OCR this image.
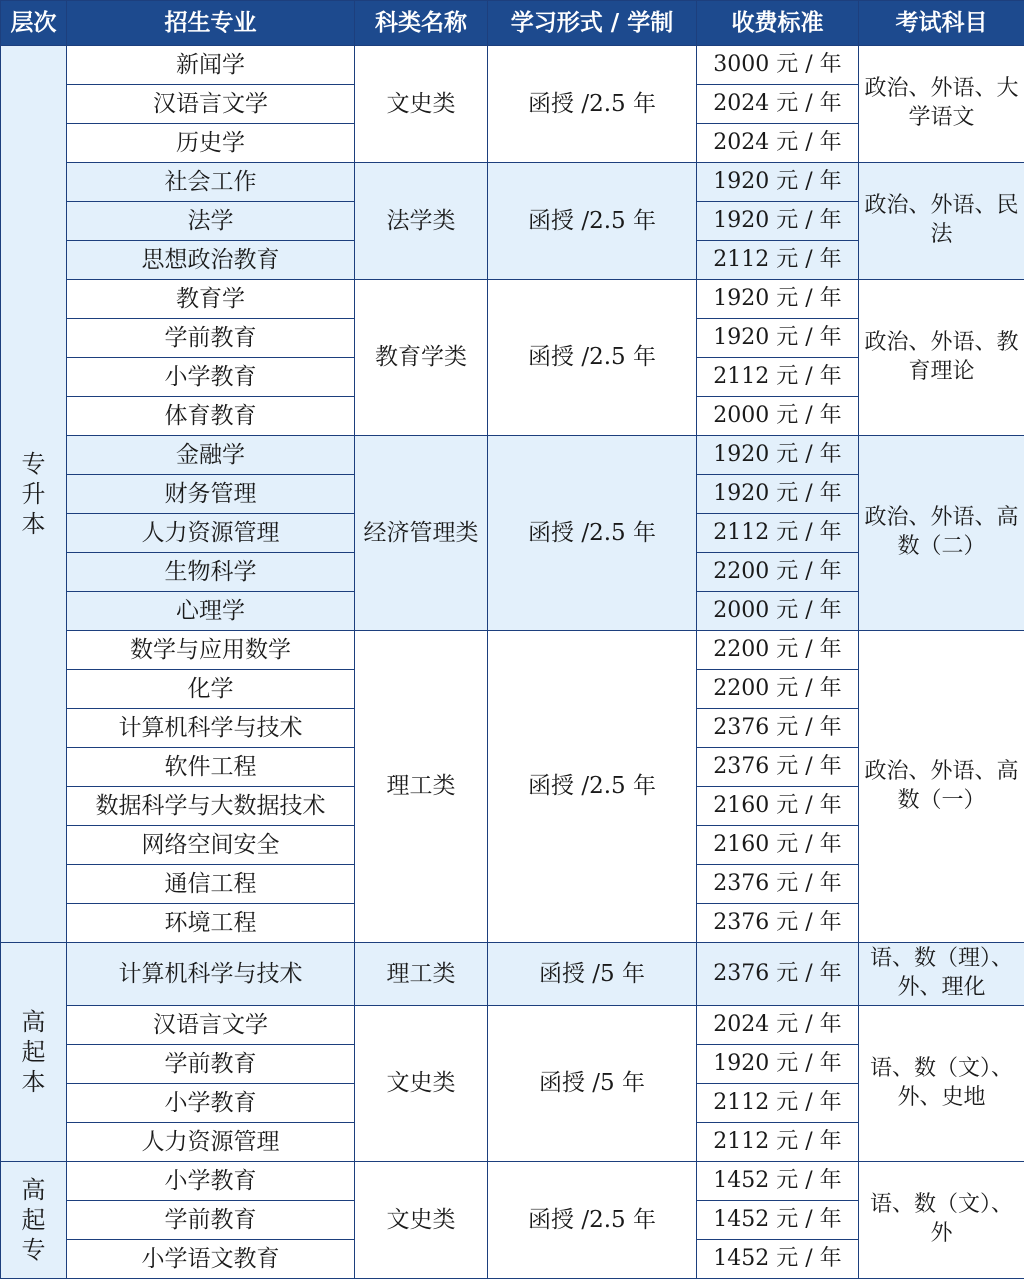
层次	招生专业	科类名称	学习形式 / 学制	收费标准	考试科目

专
升
本	新闻学	文史类	函授 /2.5 年	3000 元 / 年	政治、外语、大学语文
	汉语言文学			2024 元 / 年	
	历史学			2024 元 / 年	
	社会工作	法学类	函授 /2.5 年	1920 元 / 年	政治、外语、民法
	法学			1920 元 / 年	
	思想政治教育			2112 元 / 年	
	教育学	教育学类	函授 /2.5 年	1920 元 / 年	政治、外语、教育理论
	学前教育			1920 元 / 年	
	小学教育			2112 元 / 年	
	体育教育			2000 元 / 年	
	金融学	经济管理类	函授 /2.5 年	1920 元 / 年	政治、外语、高数（二）
	财务管理			1920 元 / 年	
	人力资源管理			2112 元 / 年	
	生物科学			2200 元 / 年	
	心理学			2000 元 / 年	
	数学与应用数学	理工类	函授 /2.5 年	2200 元 / 年	政治、外语、高数（一）
	化学			2200 元 / 年	
	计算机科学与技术			2376 元 / 年	
	软件工程			2376 元 / 年	
	数据科学与大数据技术			2160 元 / 年	
	网络空间安全			2160 元 / 年	
	通信工程			2376 元 / 年	
	环境工程			2376 元 / 年	

高
起
本	计算机科学与技术	理工类	函授 /5 年	2376 元 / 年	语、数（理）、外、理化
	汉语言文学	文史类	函授 /5 年	2024 元 / 年	语、数（文）、外、史地
	学前教育			1920 元 / 年	
	小学教育			2112 元 / 年	
	人力资源管理			2112 元 / 年	

高
起
专	小学教育	文史类	函授 /2.5 年	1452 元 / 年	语、数（文）、外
	学前教育			1452 元 / 年	
	小学语文教育			1452 元 / 年	
